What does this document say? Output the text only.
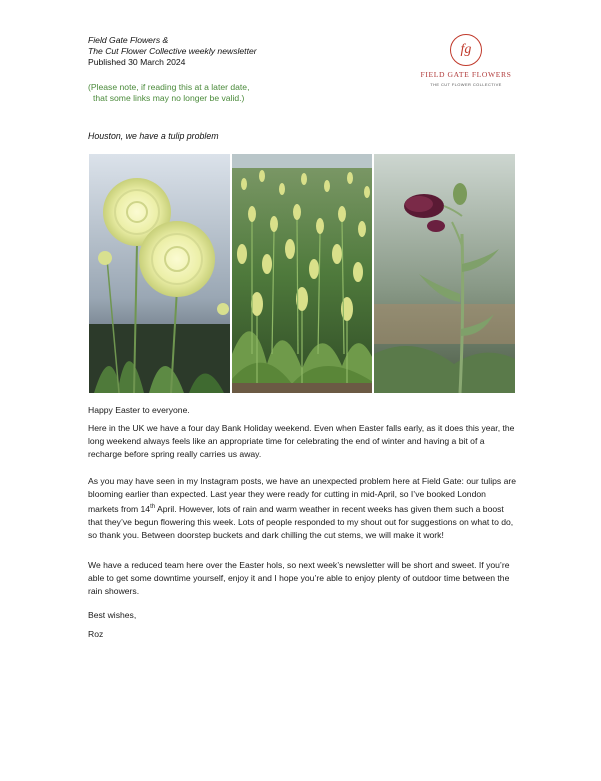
Field Gate Flowers &
The Cut Flower Collective weekly newsletter
Published 30 March 2024
(Please note, if reading this at a later date,
that some links may no longer be valid.)
fg
FIELD GATE FLOWERS
THE CUT FLOWER COLLECTIVE
Houston, we have a tulip problem
Happy Easter to everyone.
Here in the UK we have a four day Bank Holiday weekend. Even when Easter falls early, as it does this year, the long weekend always feels like an appropriate time for celebrating the end of winter and having a bit of a recharge before spring really carries us away.
As you may have seen in my Instagram posts, we have an unexpected problem here at Field Gate: our tulips are blooming earlier than expected. Last year they were ready for cutting in mid-April, so I’ve booked London markets from 14th April. However, lots of rain and warm weather in recent weeks has given them such a boost that they’ve begun flowering this week. Lots of people responded to my shout out for suggestions on what to do, so thank you. Between doorstep buckets and dark chilling the cut stems, we will make it work!
We have a reduced team here over the Easter hols, so next week’s newsletter will be short and sweet. If you’re able to get some downtime yourself, enjoy it and I hope you’re able to enjoy plenty of outdoor time between the rain showers.
Best wishes,
Roz
